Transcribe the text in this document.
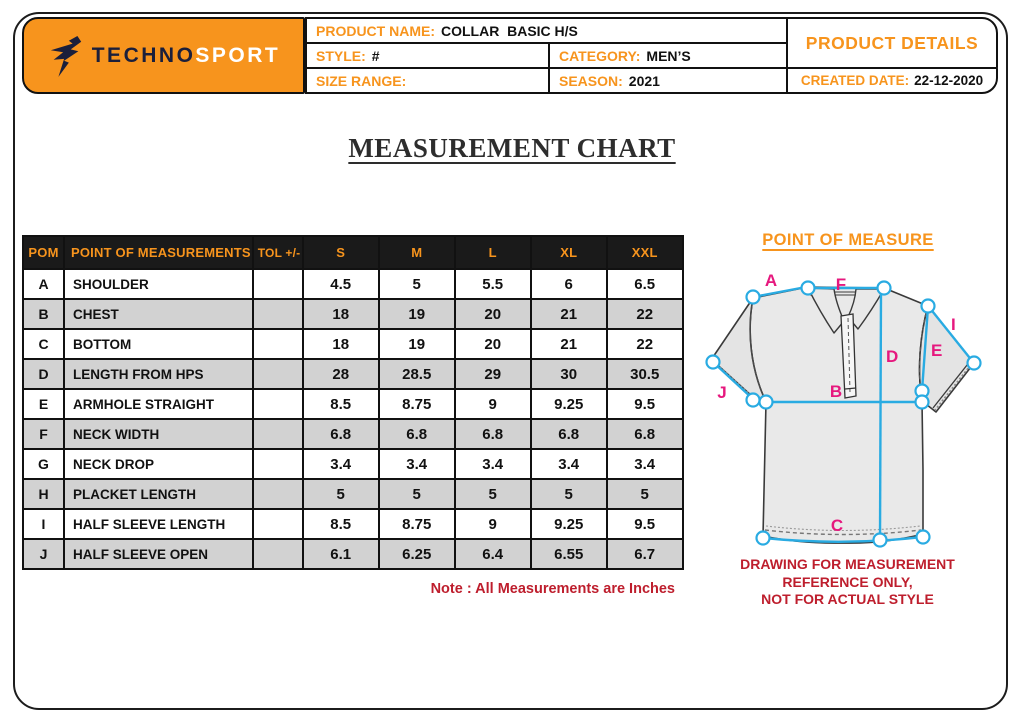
TECHNOSPORT
PRODUCT NAME: COLLAR  BASIC H/S
STYLE: #	CATEGORY: MEN’S
SIZE RANGE:	SEASON: 2021
PRODUCT DETAILS
CREATED DATE: 22-12-2020
MEASUREMENT CHART
POM	POINT OF MEASUREMENTS	TOL +/-	S	M	L	XL	XXL
A	SHOULDER		4.5	5	5.5	6	6.5
B	CHEST		18	19	20	21	22
C	BOTTOM		18	19	20	21	22
D	LENGTH FROM HPS		28	28.5	29	30	30.5
E	ARMHOLE STRAIGHT		8.5	8.75	9	9.25	9.5
F	NECK WIDTH		6.8	6.8	6.8	6.8	6.8
G	NECK DROP		3.4	3.4	3.4	3.4	3.4
H	PLACKET LENGTH		5	5	5	5	5
I	HALF SLEEVE LENGTH		8.5	8.75	9	9.25	9.5
J	HALF SLEEVE OPEN		6.1	6.25	6.4	6.55	6.7
Note : All Measurements are Inches
POINT OF MEASURE
A	F
D E
I
B
J
C
DRAWING FOR MEASUREMENT
REFERENCE ONLY,
NOT FOR ACTUAL STYLE
